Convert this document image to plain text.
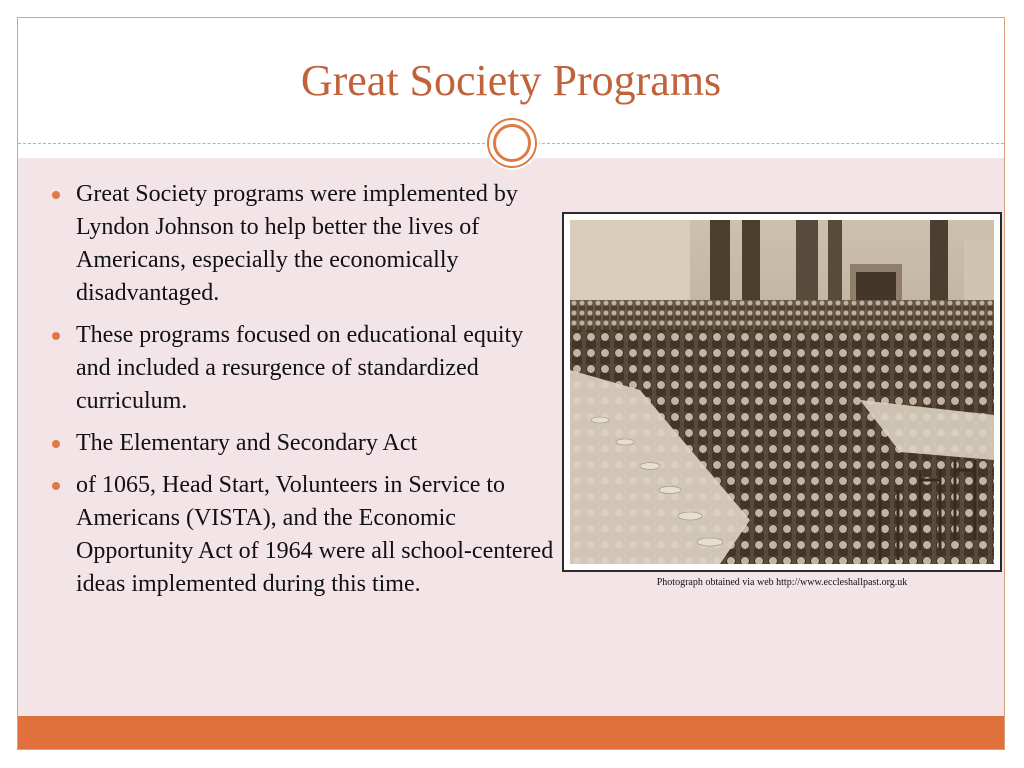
Great Society Programs
Great Society programs were implemented by Lyndon Johnson to help better the lives of Americans, especially the economically disadvantaged.
These programs focused on educational equity and included a resurgence of standardized curriculum.
The Elementary and Secondary Act
of 1065, Head Start, Volunteers in Service to Americans (VISTA), and the Economic Opportunity Act of 1964 were all school-centered ideas implemented during this time.	Photograph obtained via web http://www.eccleshallpast.org.uk
